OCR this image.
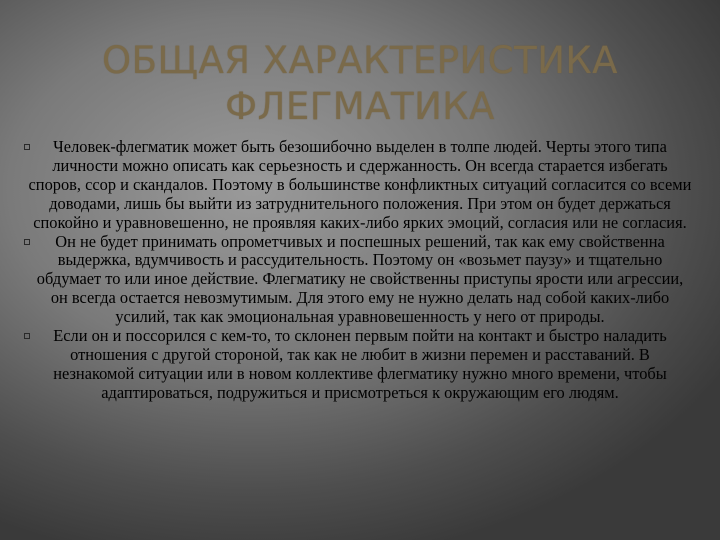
ОБЩАЯ ХАРАКТЕРИСТИКА
ФЛЕГМАТИКА

Человек-флегматик может быть безошибочно выделен в толпе людей. Черты этого типа личности можно описать как серьезность и сдержанность. Он всегда старается избегать споров, ссор и скандалов. Поэтому в большинстве конфликтных ситуаций согласится со всеми доводами, лишь бы выйти из затруднительного положения. При этом он будет держаться спокойно и уравновешенно, не проявляя каких-либо ярких эмоций, согласия или не согласия.

Он не будет принимать опрометчивых и поспешных решений, так как ему свойственна выдержка, вдумчивость и рассудительность. Поэтому он «возьмет паузу» и тщательно обдумает то или иное действие. Флегматику не свойственны приступы ярости или агрессии, он всегда остается невозмутимым. Для этого ему не нужно делать над собой каких-либо усилий, так как эмоциональная уравновешенность у него от природы.

Если он и поссорился с кем-то, то склонен первым пойти на контакт и быстро наладить отношения с другой стороной, так как не любит в жизни перемен и расставаний. В незнакомой ситуации или в новом коллективе флегматику нужно много времени, чтобы адаптироваться, подружиться и присмотреться к окружающим его людям.
